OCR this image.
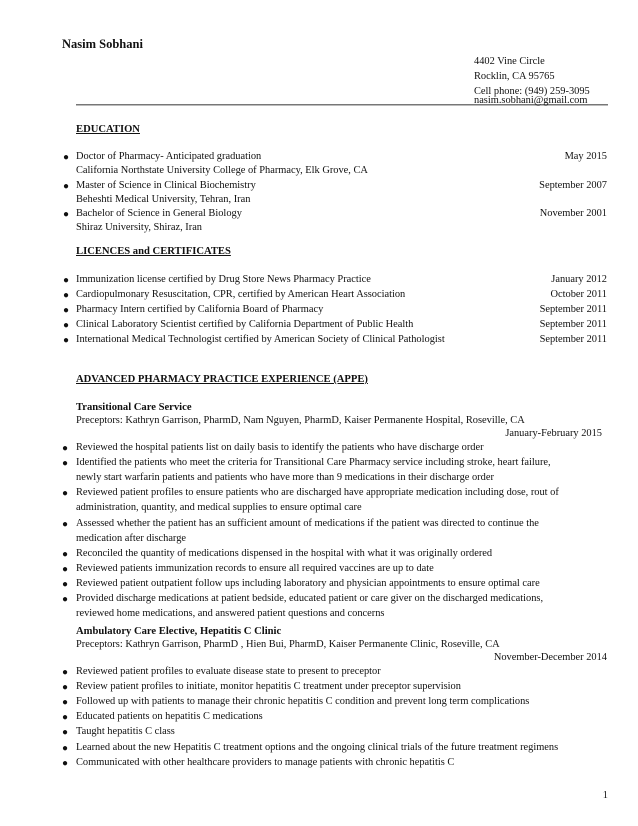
Nasim Sobhani
4402 Vine Circle
Rocklin, CA 95765
Cell phone: (949) 259-3095
nasim.sobhani@gmail.com
EDUCATION
● Doctor of Pharmacy- Anticipated graduation	May 2015
California Northstate University College of Pharmacy, Elk Grove, CA
● Master of Science in Clinical Biochemistry	September 2007
Beheshti Medical University, Tehran, Iran
● Bachelor of Science in General Biology	November 2001
Shiraz University, Shiraz, Iran
LICENCES and CERTIFICATES
● Immunization license certified by Drug Store News Pharmacy Practice	January 2012
● Cardiopulmonary Resuscitation, CPR, certified by American Heart Association	October 2011
● Pharmacy Intern certified by California Board of Pharmacy	September 2011
● Clinical Laboratory Scientist certified by California Department of Public Health	September 2011
● International Medical Technologist certified by American Society of Clinical Pathologist	September 2011
ADVANCED PHARMACY PRACTICE EXPERIENCE (APPE)
Transitional Care Service
Preceptors: Kathryn Garrison, PharmD, Nam Nguyen, PharmD, Kaiser Permanente Hospital, Roseville, CA
January-February 2015
● Reviewed the hospital patients list on daily basis to identify the patients who have discharge order
● Identified the patients who meet the criteria for Transitional Care Pharmacy service including stroke, heart failure,
newly start warfarin patients and patients who have more than 9 medications in their discharge order
● Reviewed patient profiles to ensure patients who are discharged have appropriate medication including dose, rout of
administration, quantity, and medical supplies to ensure optimal care
● Assessed whether the patient has an sufficient amount of medications if the patient was directed to continue the
medication after discharge
● Reconciled the quantity of medications dispensed in the hospital with what it was originally ordered
● Reviewed patients immunization records to ensure all required vaccines are up to date
● Reviewed patient outpatient follow ups including laboratory and physician appointments to ensure optimal care
● Provided discharge medications at patient bedside, educated patient or care giver on the discharged medications,
reviewed home medications, and answered patient questions and concerns
Ambulatory Care Elective, Hepatitis C Clinic
Preceptors: Kathryn Garrison, PharmD , Hien Bui, PharmD, Kaiser Permanente Clinic, Roseville, CA
November-December 2014
● Reviewed patient profiles to evaluate disease state to present to preceptor
● Review patient profiles to initiate, monitor hepatitis C treatment under preceptor supervision
● Followed up with patients to manage their chronic hepatitis C condition and prevent long term complications
● Educated patients on hepatitis C medications
● Taught hepatitis C class
● Learned about the new Hepatitis C treatment options and the ongoing clinical trials of the future treatment regimens
● Communicated with other healthcare providers to manage patients with chronic hepatitis C
1
